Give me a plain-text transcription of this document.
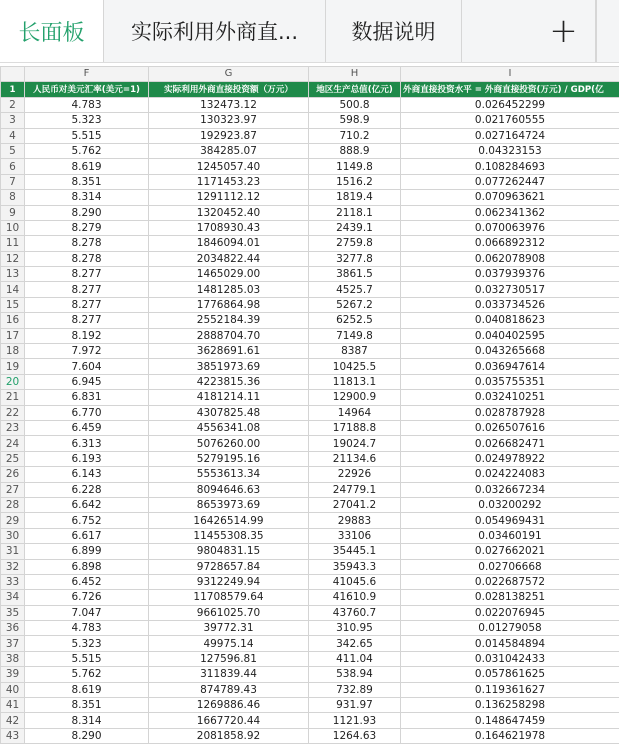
长面板	实际利用外商直...	数据说明	+
	F	G	H	I
1	人民币对美元汇率(美元=1)	实际利用外商直接投资额（万元）	地区生产总值(亿元)	外商直接投资水平 = 外商直接投资(万元) / GDP(亿
2	4.783	132473.12	500.8	0.026452299
3	5.323	130323.97	598.9	0.021760555
4	5.515	192923.87	710.2	0.027164724
5	5.762	384285.07	888.9	0.04323153
6	8.619	1245057.40	1149.8	0.108284693
7	8.351	1171453.23	1516.2	0.077262447
8	8.314	1291112.12	1819.4	0.070963621
9	8.290	1320452.40	2118.1	0.062341362
10	8.279	1708930.43	2439.1	0.070063976
11	8.278	1846094.01	2759.8	0.066892312
12	8.278	2034822.44	3277.8	0.062078908
13	8.277	1465029.00	3861.5	0.037939376
14	8.277	1481285.03	4525.7	0.032730517
15	8.277	1776864.98	5267.2	0.033734526
16	8.277	2552184.39	6252.5	0.040818623
17	8.192	2888704.70	7149.8	0.040402595
18	7.972	3628691.61	8387	0.043265668
19	7.604	3851973.69	10425.5	0.036947614
20	6.945	4223815.36	11813.1	0.035755351
21	6.831	4181214.11	12900.9	0.032410251
22	6.770	4307825.48	14964	0.028787928
23	6.459	4556341.08	17188.8	0.026507616
24	6.313	5076260.00	19024.7	0.026682471
25	6.193	5279195.16	21134.6	0.024978922
26	6.143	5553613.34	22926	0.024224083
27	6.228	8094646.63	24779.1	0.032667234
28	6.642	8653973.69	27041.2	0.03200292
29	6.752	16426514.99	29883	0.054969431
30	6.617	11455308.35	33106	0.03460191
31	6.899	9804831.15	35445.1	0.027662021
32	6.898	9728657.84	35943.3	0.02706668
33	6.452	9312249.94	41045.6	0.022687572
34	6.726	11708579.64	41610.9	0.028138251
35	7.047	9661025.70	43760.7	0.022076945
36	4.783	39772.31	310.95	0.01279058
37	5.323	49975.14	342.65	0.014584894
38	5.515	127596.81	411.04	0.031042433
39	5.762	311839.44	538.94	0.057861625
40	8.619	874789.43	732.89	0.119361627
41	8.351	1269886.46	931.97	0.136258298
42	8.314	1667720.44	1121.93	0.148647459
43	8.290	2081858.92	1264.63	0.164621978
